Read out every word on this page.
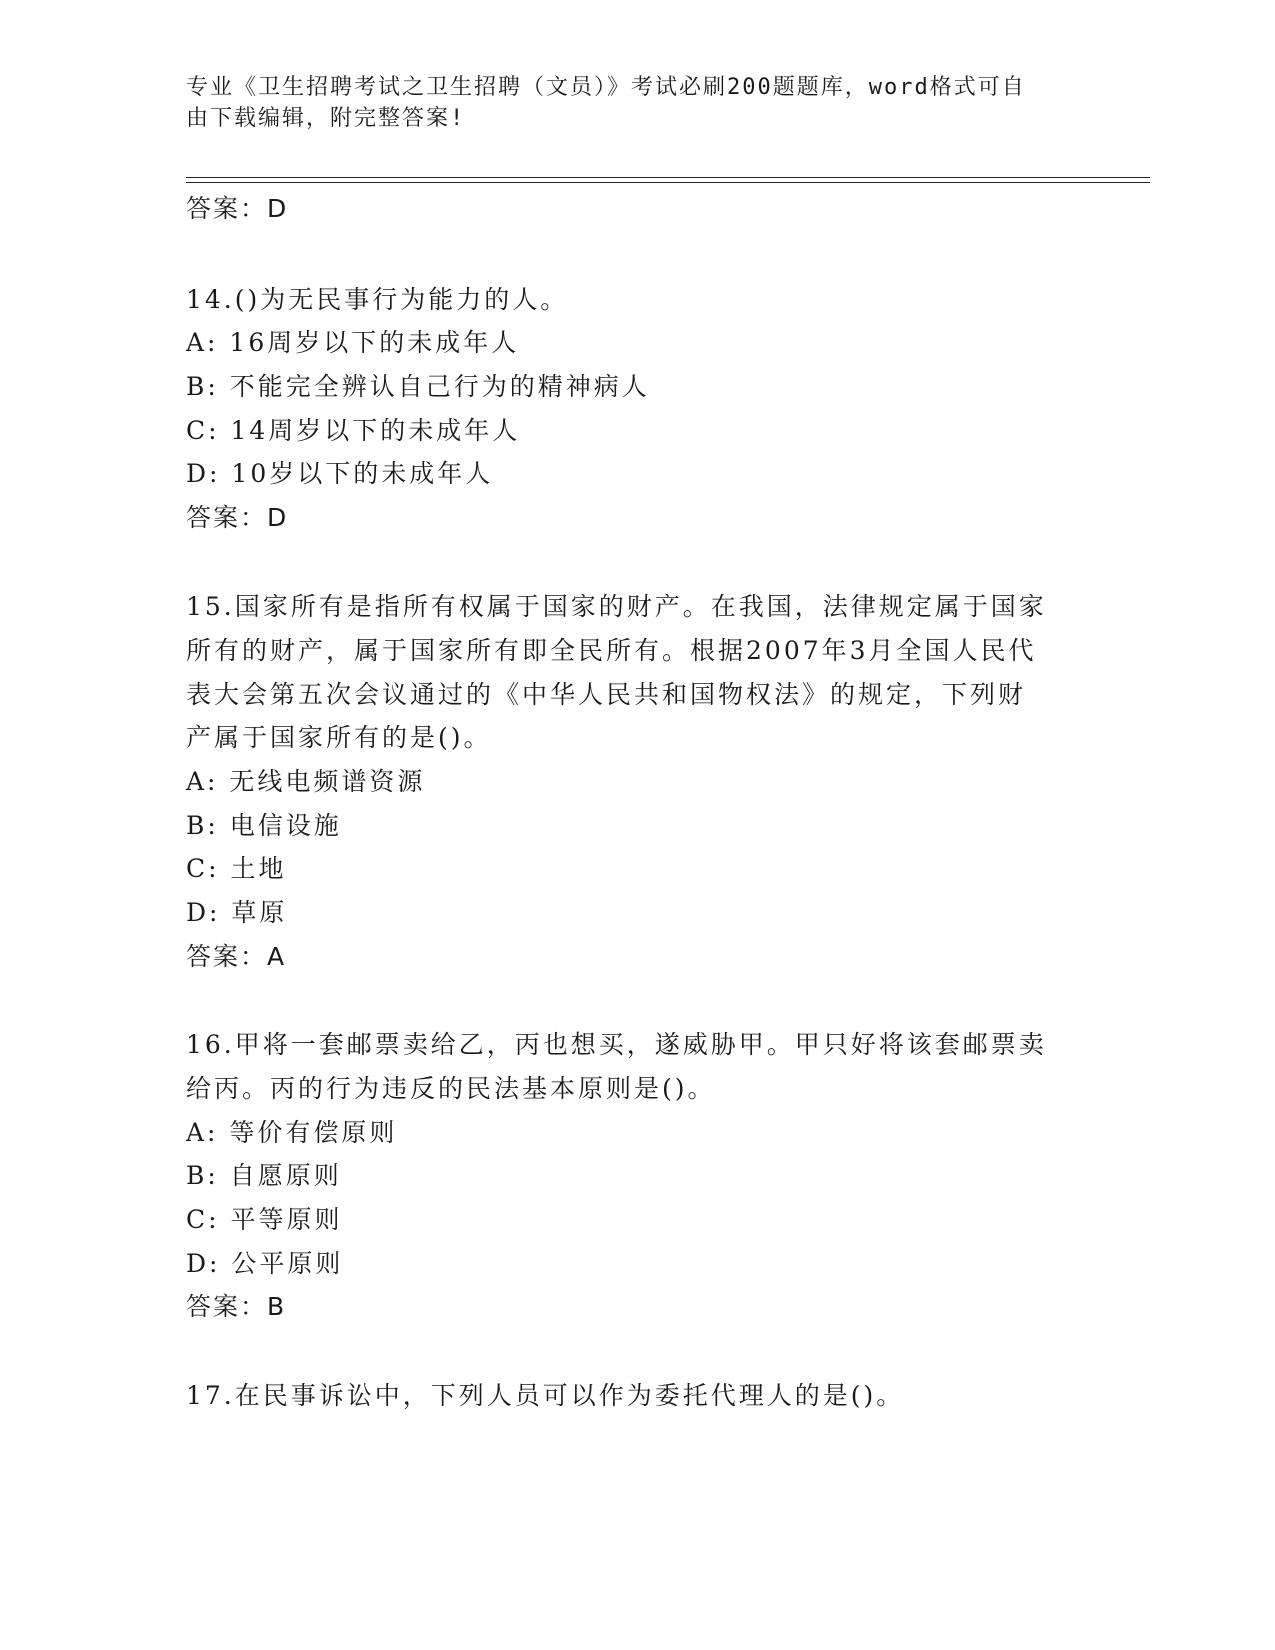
专业《卫生招聘考试之卫生招聘（文员）》考试必刷200题题库，word格式可自
由下载编辑，附完整答案!
答案：D
14.()为无民事行为能力的人。
A: 16周岁以下的未成年人
B: 不能完全辨认自己行为的精神病人
C: 14周岁以下的未成年人
D: 10岁以下的未成年人
答案：D
15.国家所有是指所有权属于国家的财产。在我国，法律规定属于国家
所有的财产，属于国家所有即全民所有。根据2007年3月全国人民代
表大会第五次会议通过的《中华人民共和国物权法》的规定，下列财
产属于国家所有的是()。
A: 无线电频谱资源
B: 电信设施
C: 土地
D: 草原
答案：A
16.甲将一套邮票卖给乙，丙也想买，遂威胁甲。甲只好将该套邮票卖
给丙。丙的行为违反的民法基本原则是()。
A: 等价有偿原则
B: 自愿原则
C: 平等原则
D: 公平原则
答案：B
17.在民事诉讼中，下列人员可以作为委托代理人的是()。
